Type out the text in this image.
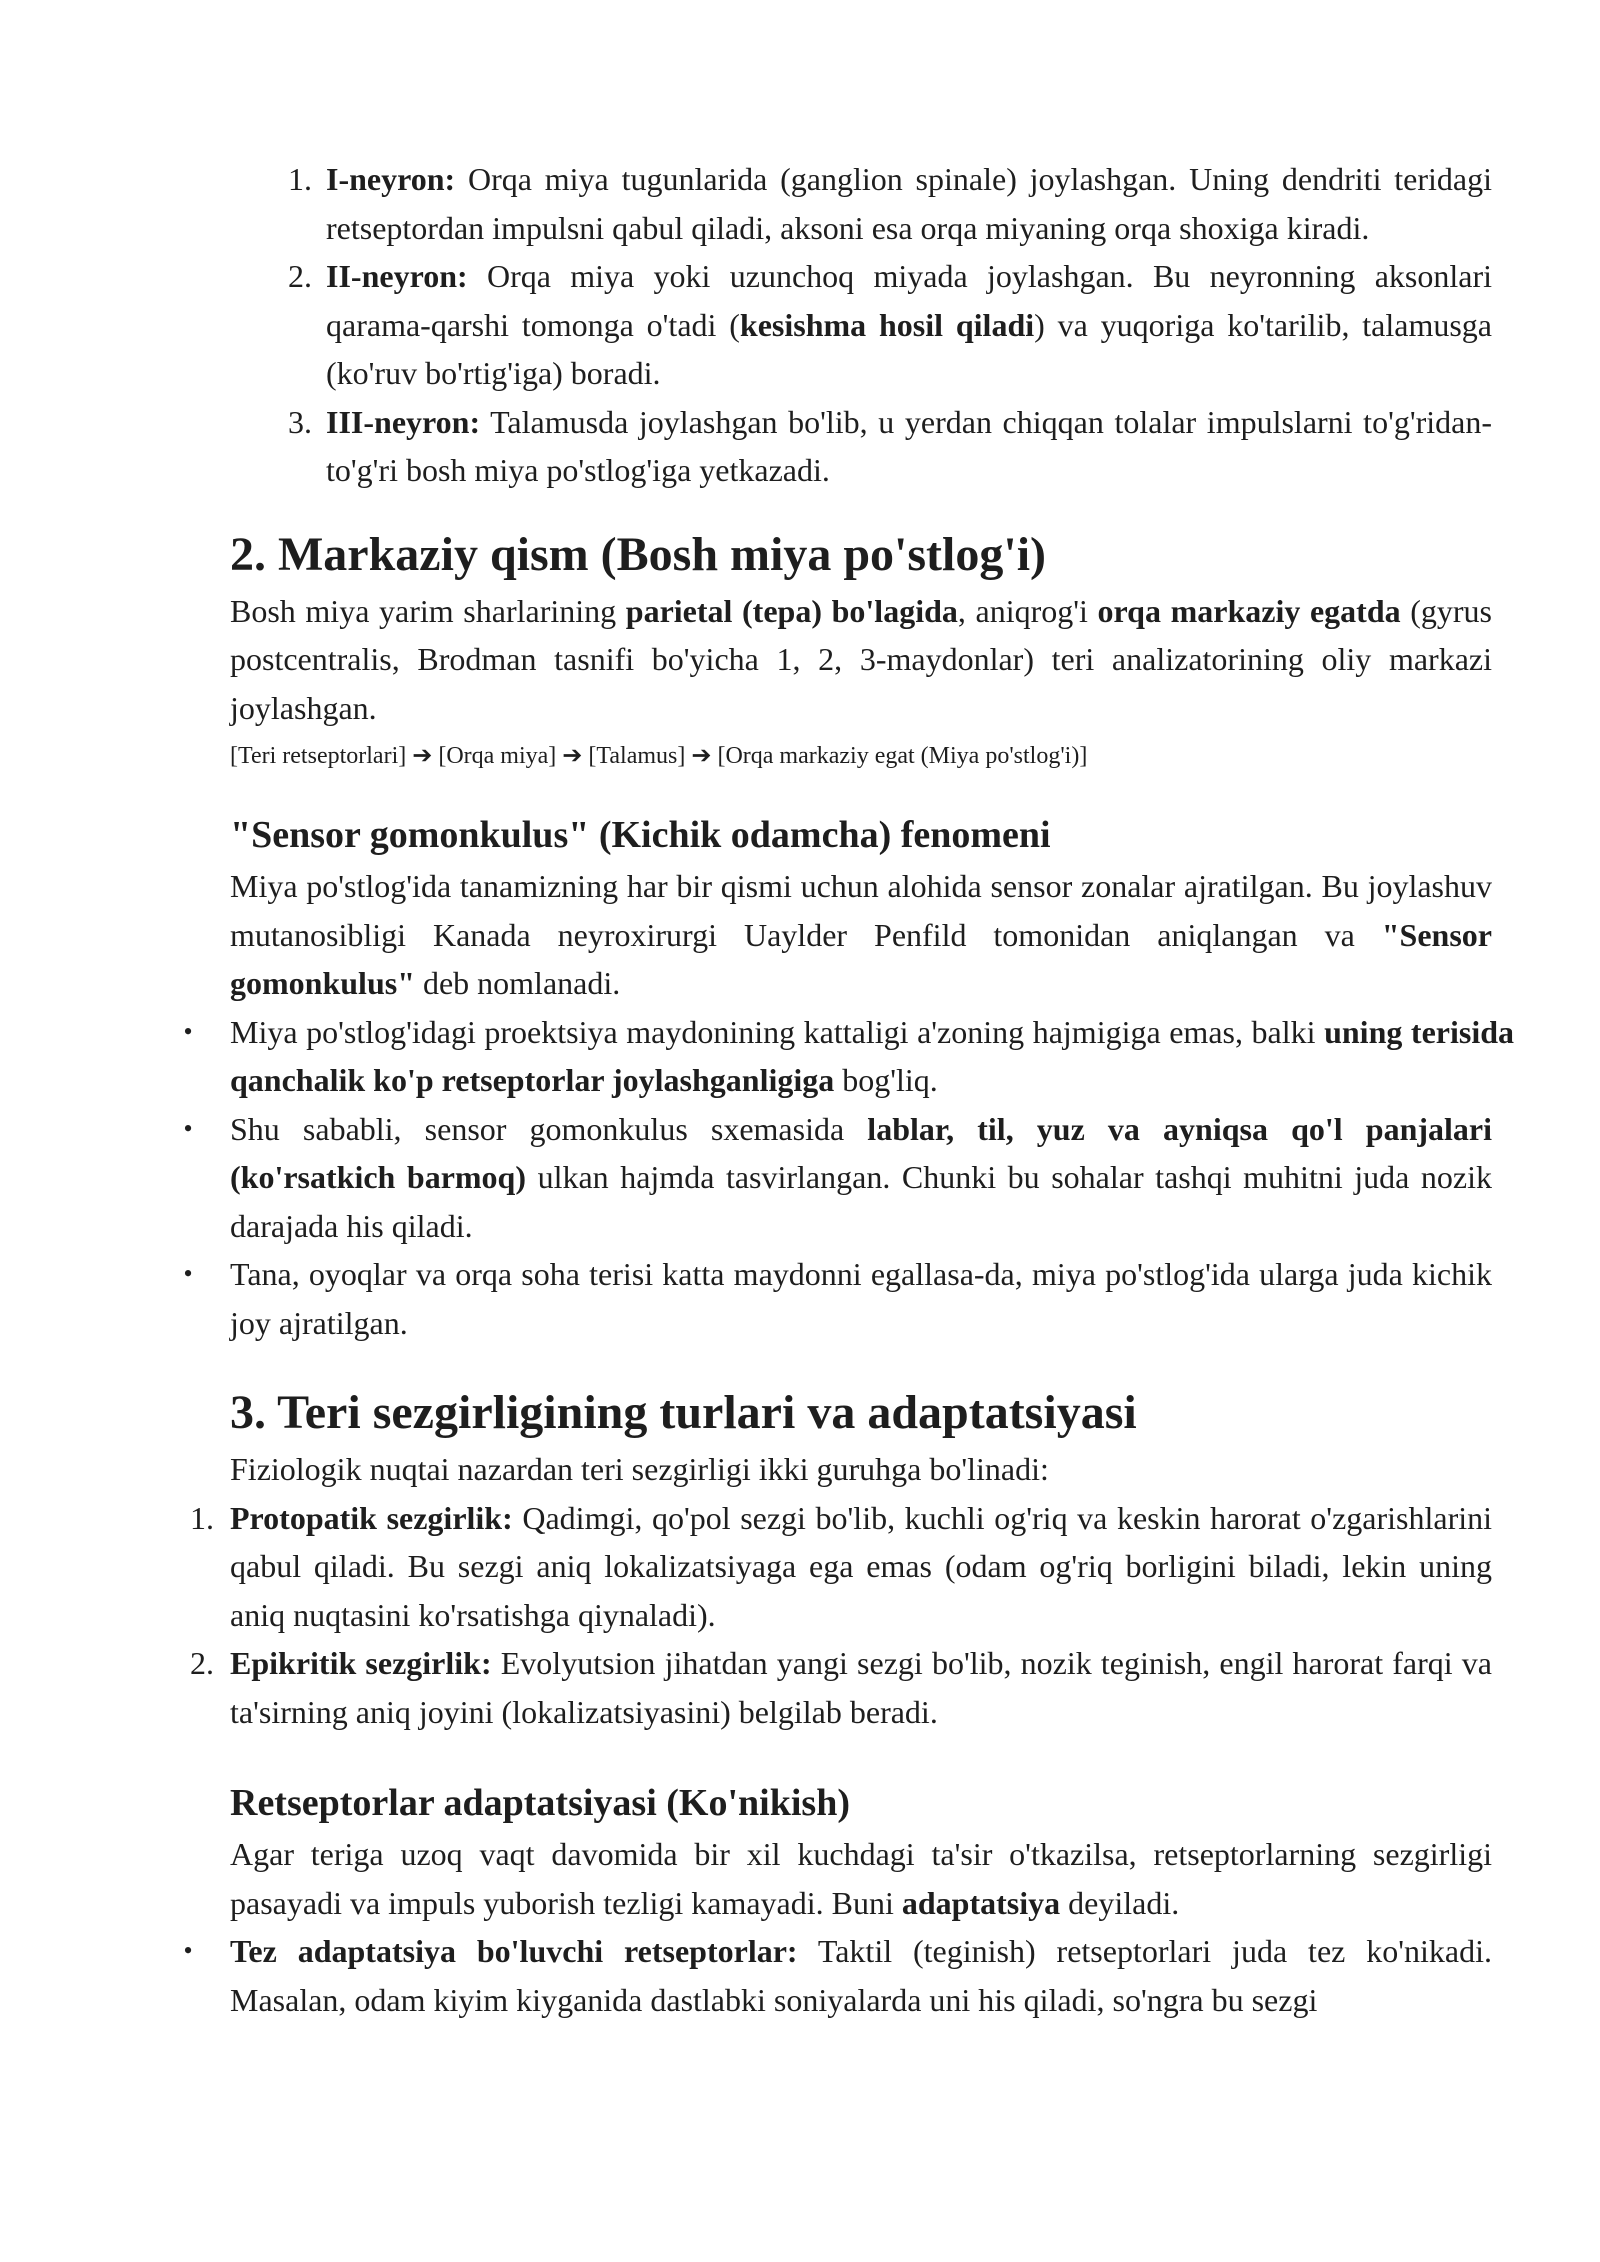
1. I-neyron: Orqa miya tugunlarida (ganglion spinale) joylashgan. Uning dendriti teridagi retseptordan impulsni qabul qiladi, aksoni esa orqa miyaning orqa shoxiga kiradi.
2. II-neyron: Orqa miya yoki uzunchoq miyada joylashgan. Bu neyronning aksonlari qarama-qarshi tomonga o'tadi (kesishma hosil qiladi) va yuqoriga ko'tarilib, talamusga (ko'ruv bo'rtig'iga) boradi.
3. III-neyron: Talamusda joylashgan bo'lib, u yerdan chiqqan tolalar impulslarni to'g'ridan-to'g'ri bosh miya po'stlog'iga yetkazadi.
2. Markaziy qism (Bosh miya po'stlog'i)

Bosh miya yarim sharlarining parietal (tepa) bo'lagida, aniqrog'i orqa markaziy egatda (gyrus postcentralis, Brodman tasnifi bo'yicha 1, 2, 3-maydonlar) teri analizatorining oliy markazi joylashgan.

[Teri retseptorlari] ➔ [Orqa miya] ➔ [Talamus] ➔ [Orqa markaziy egat (Miya po'stlog'i)]

"Sensor gomonkulus" (Kichik odamcha) fenomeni

Miya po'stlog'ida tanamizning har bir qismi uchun alohida sensor zonalar ajratilgan. Bu joylashuv mutanosibligi Kanada neyroxirurgi Uaylder Penfild tomonidan aniqlangan va "Sensor gomonkulus" deb nomlanadi.

• Miya po'stlog'idagi proektsiya maydonining kattaligi a'zoning hajmigiga emas, balki uning terisida qanchalik ko'p retseptorlar joylashganligiga bog'liq.
• Shu sababli, sensor gomonkulus sxemasida lablar, til, yuz va ayniqsa qo'l panjalari (ko'rsatkich barmoq) ulkan hajmda tasvirlangan. Chunki bu sohalar tashqi muhitni juda nozik darajada his qiladi.
• Tana, oyoqlar va orqa soha terisi katta maydonni egallasa-da, miya po'stlog'ida ularga juda kichik joy ajratilgan.
3. Teri sezgirligining turlari va adaptatsiyasi

Fiziologik nuqtai nazardan teri sezgirligi ikki guruhga bo'linadi:

1. Protopatik sezgirlik: Qadimgi, qo'pol sezgi bo'lib, kuchli og'riq va keskin harorat o'zgarishlarini qabul qiladi. Bu sezgi aniq lokalizatsiyaga ega emas (odam og'riq borligini biladi, lekin uning aniq nuqtasini ko'rsatishga qiynaladi).
2. Epikritik sezgirlik: Evolyutsion jihatdan yangi sezgi bo'lib, nozik teginish, engil harorat farqi va ta'sirning aniq joyini (lokalizatsiyasini) belgilab beradi.
Retseptorlar adaptatsiyasi (Ko'nikish)

Agar teriga uzoq vaqt davomida bir xil kuchdagi ta'sir o'tkazilsa, retseptorlarning sezgirligi pasayadi va impuls yuborish tezligi kamayadi. Buni adaptatsiya deyiladi.

• Tez adaptatsiya bo'luvchi retseptorlar: Taktil (teginish) retseptorlari juda tez ko'nikadi. Masalan, odam kiyim kiyganida dastlabki soniyalarda uni his qiladi, so'ngra bu sezgi
